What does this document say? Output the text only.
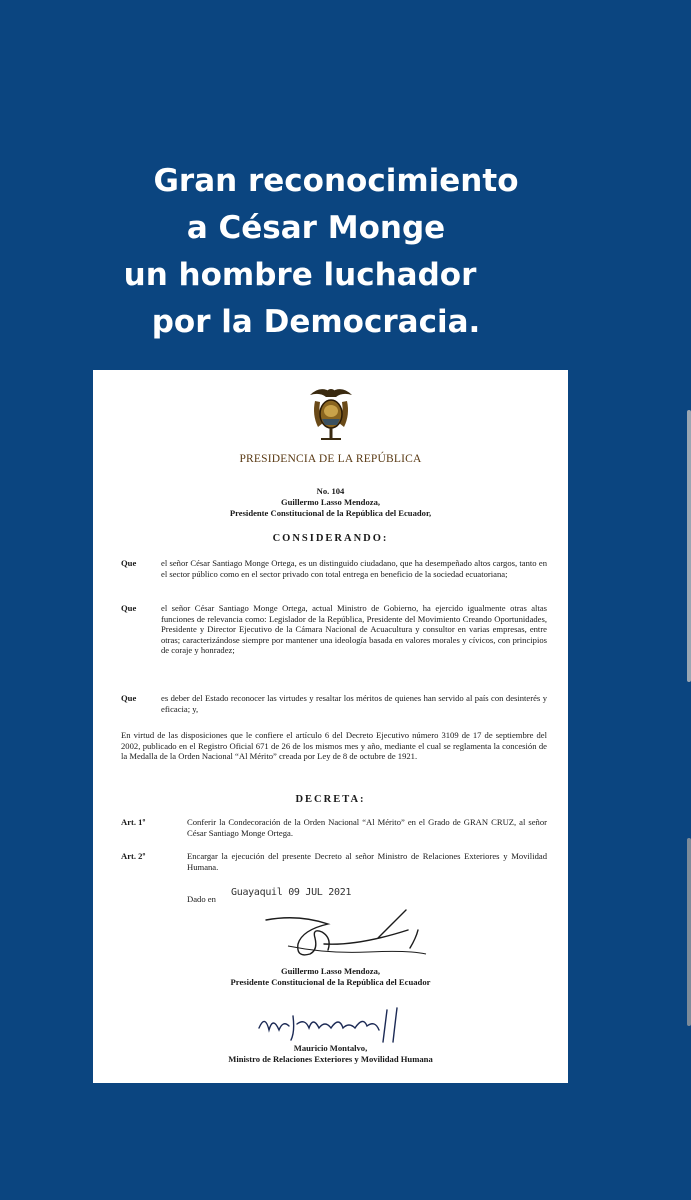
Gran reconocimiento
a César Monge
un hombre luchador
por la Democracia.
PRESIDENCIA DE LA REPÚBLICA
No. 104
Guillermo Lasso Mendoza,
Presidente Constitucional de la República del Ecuador,
CONSIDERANDO:
Que	el señor César Santiago Monge Ortega, es un distinguido ciudadano, que ha desempeñado altos cargos, tanto en el sector público como en el sector privado con total entrega en beneficio de la sociedad ecuatoriana;
Que	el señor César Santiago Monge Ortega, actual Ministro de Gobierno, ha ejercido igualmente otras altas funciones de relevancia como: Legislador de la República, Presidente del Movimiento Creando Oportunidades, Presidente y Director Ejecutivo de la Cámara Nacional de Acuacultura y consultor en varias empresas, entre otras; caracterizándose siempre por mantener una ideología basada en valores morales y cívicos, con principios de coraje y honradez;
Que	es deber del Estado reconocer las virtudes y resaltar los méritos de quienes han servido al país con desinterés y eficacia; y,
En virtud de las disposiciones que le confiere el artículo 6 del Decreto Ejecutivo número 3109 de 17 de septiembre del 2002, publicado en el Registro Oficial 671 de 26 de los mismos mes y año, mediante el cual se reglamenta la concesión de la Medalla de la Orden Nacional “Al Mérito” creada por Ley de 8 de octubre de 1921.
DECRETA:
Art. 1º	Conferir la Condecoración de la Orden Nacional “Al Mérito” en el Grado de GRAN CRUZ, al señor César Santiago Monge Ortega.
Art. 2º	Encargar la ejecución del presente Decreto al señor Ministro de Relaciones Exteriores y Movilidad Humana.
Dado en
Guayaquil 09 JUL 2021
Guillermo Lasso Mendoza,
Presidente Constitucional de la República del Ecuador
Mauricio Montalvo,
Ministro de Relaciones Exteriores y Movilidad Humana
